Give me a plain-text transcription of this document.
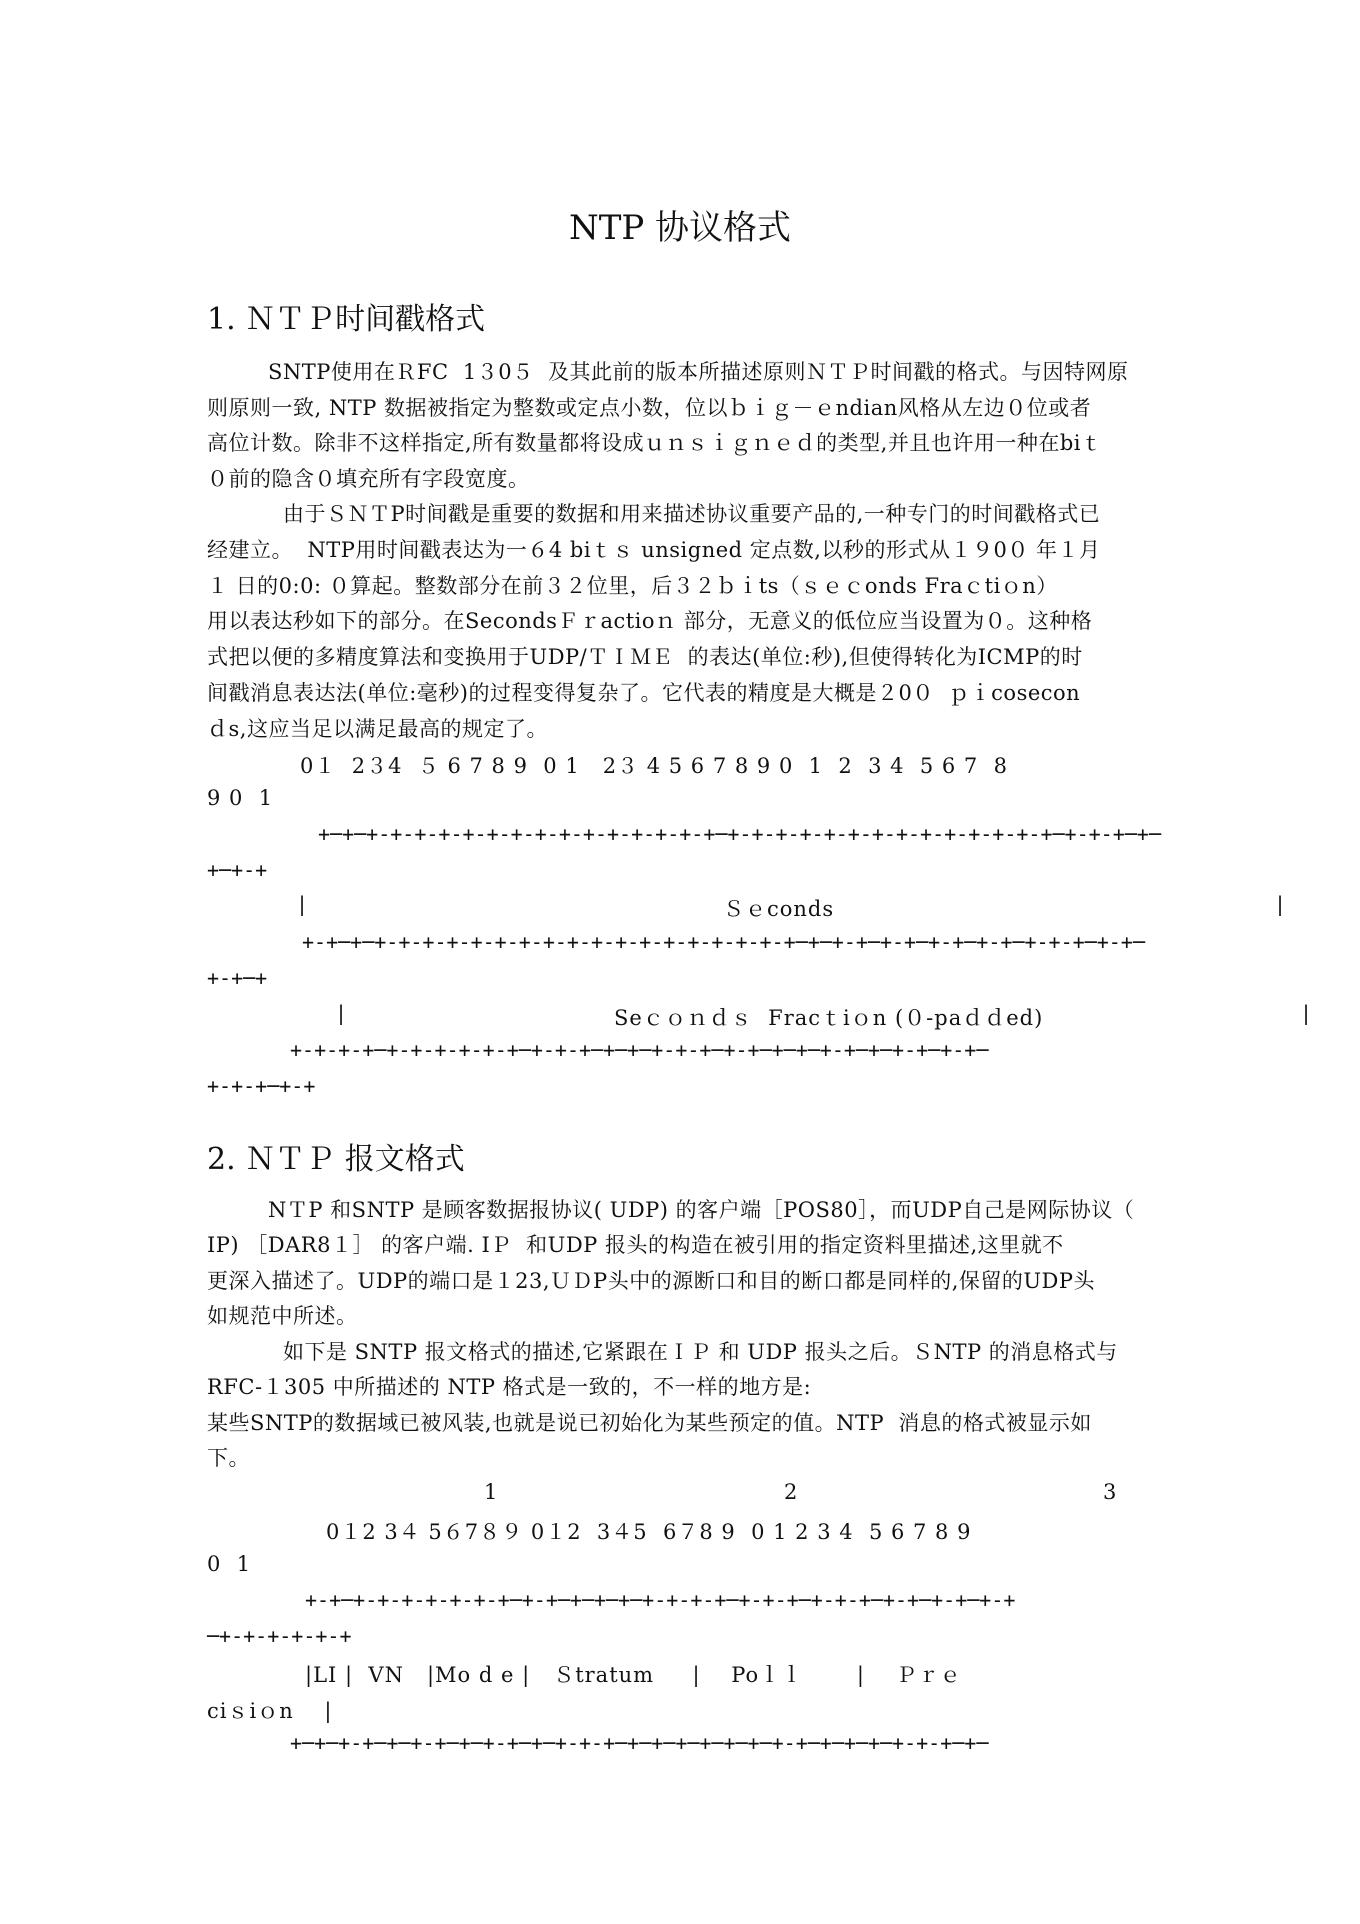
NTP 协议格式
1. ＮＴＰ时间戳格式
SNTP使用在ＲFC  1３0５  及其此前的版本所描述原则ＮＴＰ时间戳的格式。与因特网原
则原则一致, NTP 数据被指定为整数或定点小数，位以ｂｉｇ－ｅndian风格从左边０位或者
高位计数。除非不这样指定,所有数量都将设成ｕｎｓｉｇｎｅｄ的类型,并且也许用一种在biｔ
０前的隐含０填充所有字段宽度。
由于ＳＮＴP时间戳是重要的数据和用来描述协议重要产品的,一种专门的时间戳格式已
经建立。  NTP用时间戳表达为一６4 biｔｓ unsigned 定点数,以秒的形式从１９0０ 年１月
１ 日的0:0: ０算起。整数部分在前３２位里，后３２ｂｉts（ｓｅｃonds Fraｃtiｏn）
用以表达秒如下的部分。在SecondsＦｒactioｎ 部分，无意义的低位应当设置为０。这种格
式把以便的多精度算法和变换用于UDP/ＴＩＭＥ  的表达(单位:秒),但使得转化为ICMP的时
间戳消息表达法(单位:毫秒)的过程变得复杂了。它代表的精度是大概是２0０  ｐｉcosecon
ｄs,这应当足以满足最高的规定了。
0１  2３4  ５ 6 7 8 9  0 1   2３ 4 5 6 7 8 9 0  1  2  3 4  5 6 7  8
9 0  1
+─+─+-+-+-+-+-+-+-+-+-+-+-+-+-+-+─+-+-+-+-+-+-+-+-+-+-+-+-+-+─+-+-+─+─
+─+-+
|	Ｓｅconds	|
+-+─+─+-+-+-+-+-+-+-+-+-+-+-+-+-+-+-+-+-+─+─+-+─+-+─+-+─+-+─+-+-+─+-+─
+-+─+
|	Seｃｏｎｄｓ  Fracｔiｏn (０-paｄｄed)	|
+-+-+-+─+-+-+-+-+-+─+-+-+─+─+─+-+-+─+-+─+─+─+-+─+─+-+─+-+─
+-+-+─+-+
2. ＮＴＰ 报文格式
NＴP 和SNTP 是顾客数据报协议( UDP) 的客户端［POS80］，而UDP自己是网际协议（
IP) ［DAR8１］ 的客户端. IＰ  和UDP 报头的构造在被引用的指定资料里描述,这里就不
更深入描述了。UDP的端口是１23,ＵＤP头中的源断口和目的断口都是同样的,保留的UDP头
如规范中所述。
如下是 SNTP 报文格式的描述,它紧跟在ＩＰ 和 UDP 报头之后。ＳNTP 的消息格式与
RFC-１305 中所描述的 NTP 格式是一致的，不一样的地方是:
某些SNTP的数据域已被风装,也就是说已初始化为某些预定的值。NTP  消息的格式被显示如
下。
1	2	3
0１2 3４ 5６7８９ 0１2  3４5  6７8 9  0 1 2 3 4  5 6 7 8 9
0  1
+-+─+-+-+-+-+-+-+─+-+─+─+─+─+-+-+-+─+-+-+─+-+-+─+-+─+-+─+-+
─+-+-+-+-+-+
|LI |  VN   |Mo d e |   Ｓtratum     |    Poｌｌ       |    Ｐｒｅ
ciｓiｏn    |
+─+─+-+─+─+-+─+─+-+─+─+-+-+─+─+─+─+─+─+─+-+─+─+─+─+-+-+─+─
